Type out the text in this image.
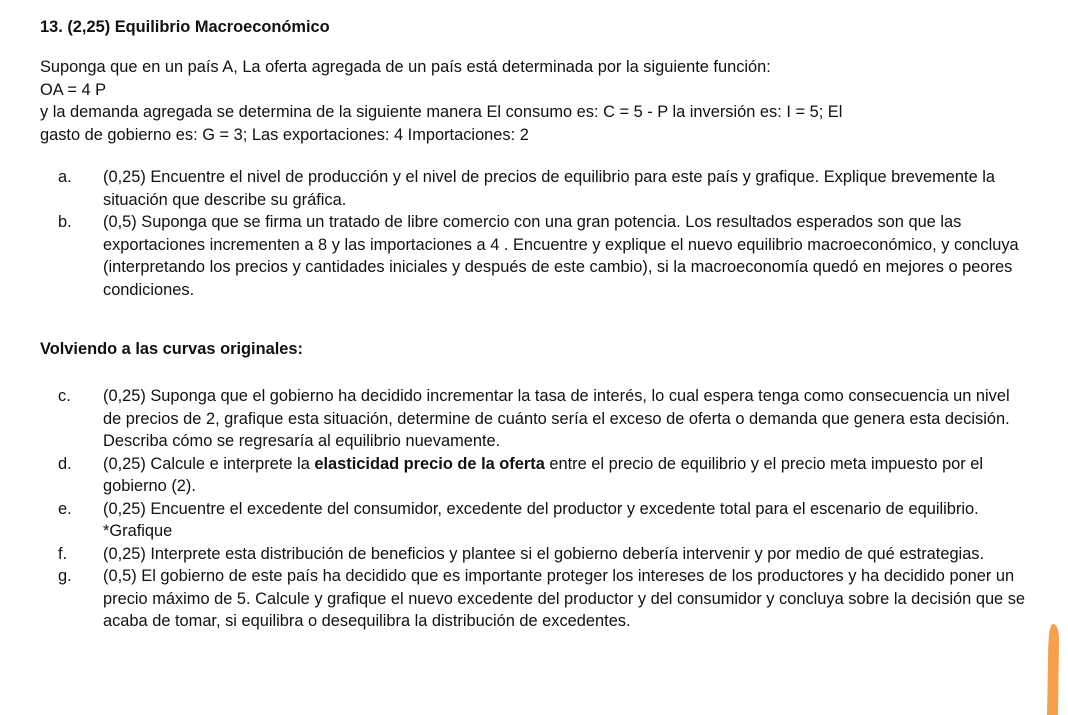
13. (2,25) Equilibrio Macroeconómico

Suponga que en un país A, La oferta agregada de un país está determinada por la siguiente función:

OA = 4 P

y la demanda agregada se determina de la siguiente manera El consumo es: C = 5 - P la inversión es: I = 5; El

gasto de gobierno es: G = 3; Las exportaciones: 4 Importaciones: 2

a.	(0,25) Encuentre el nivel de producción y el nivel de precios de equilibrio para este país y grafique. Explique brevemente la situación que describe su gráfica.
b.	(0,5) Suponga que se firma un tratado de libre comercio con una gran potencia. Los resultados esperados son que las exportaciones incrementen a 8 y las importaciones a 4 . Encuentre y explique el nuevo equilibrio macroeconómico, y concluya (interpretando los precios y cantidades iniciales y después de este cambio), si la macroeconomía quedó en mejores o peores condiciones.
Volviendo a las curvas originales:
c.	(0,25) Suponga que el gobierno ha decidido incrementar la tasa de interés, lo cual espera tenga como consecuencia un nivel de precios de 2, grafique esta situación, determine de cuánto sería el exceso de oferta o demanda que genera esta decisión. Describa cómo se regresaría al equilibrio nuevamente.
d.	(0,25) Calcule e interprete la elasticidad precio de la oferta entre el precio de equilibrio y el precio meta impuesto por el gobierno (2).
e.	(0,25) Encuentre el excedente del consumidor, excedente del productor y excedente total para el escenario de equilibrio. *Grafique
f.	(0,25) Interprete esta distribución de beneficios y plantee si el gobierno debería intervenir y por medio de qué estrategias.
g.	(0,5) El gobierno de este país ha decidido que es importante proteger los intereses de los productores y ha decidido poner un precio máximo de 5. Calcule y grafique el nuevo excedente del productor y del consumidor y concluya sobre la decisión que se acaba de tomar, si equilibra o desequilibra la distribución de excedentes.
